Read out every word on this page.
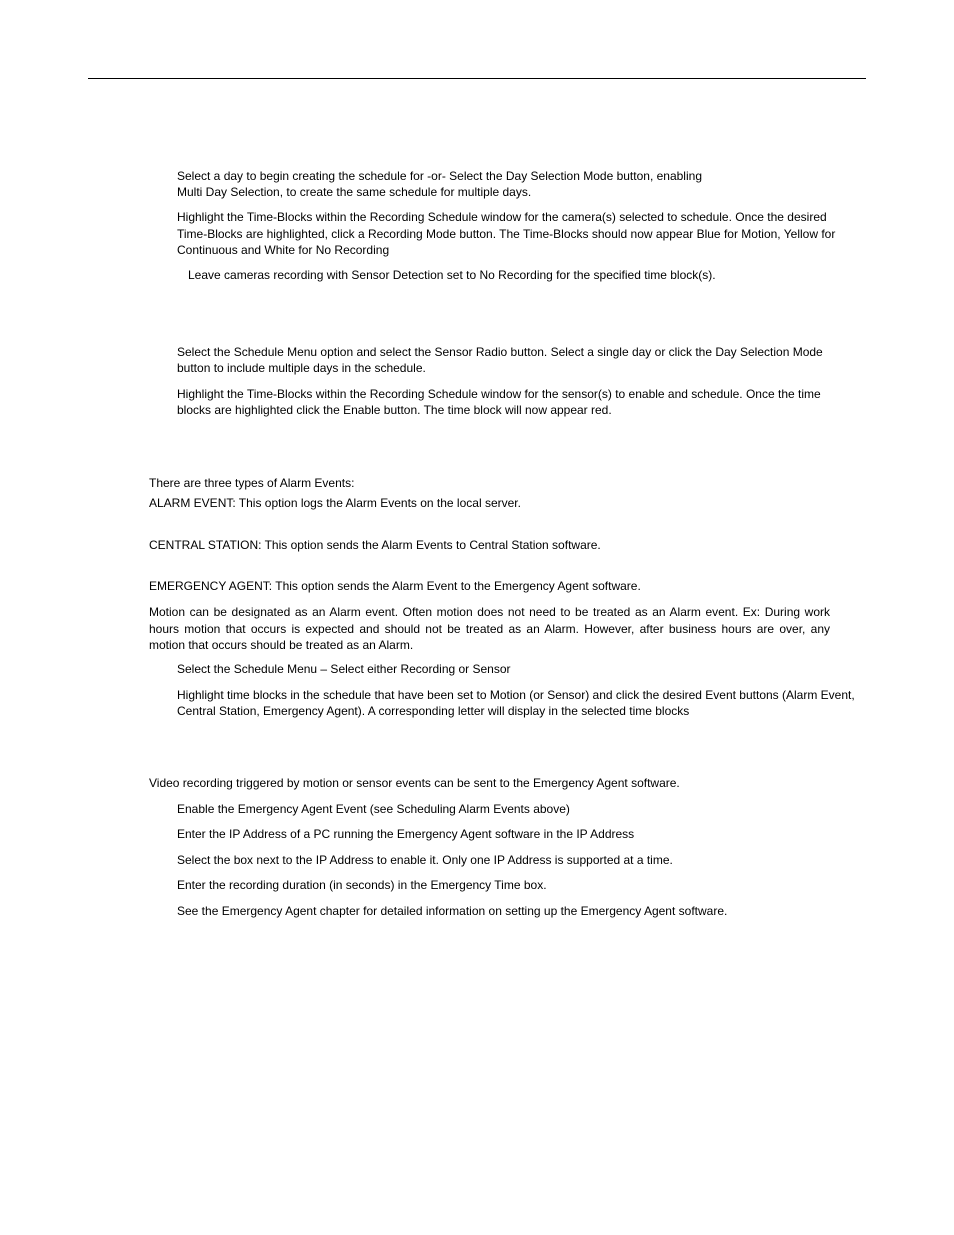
Select a day to begin creating the schedule for -or- Select the Day Selection Mode button, enabling

Multi Day Selection, to create the same schedule for multiple days.

Highlight the Time-Blocks within the Recording Schedule window for the camera(s) selected to schedule. Once the desired

Time-Blocks are highlighted, click a Recording Mode button. The Time-Blocks should now appear Blue for Motion, Yellow for

Continuous and White for No Recording

Leave cameras recording with Sensor Detection set to No Recording for the specified time block(s).

Select the Schedule Menu option and select the Sensor Radio button. Select a single day or click the Day Selection Mode

button to include multiple days in the schedule.

Highlight the Time-Blocks within the Recording Schedule window for the sensor(s) to enable and schedule. Once the time

blocks are highlighted click the Enable button. The time block will now appear red.

There are three types of Alarm Events:

ALARM EVENT: This option logs the Alarm Events on the local server.

CENTRAL STATION: This option sends the Alarm Events to Central Station software.

EMERGENCY AGENT: This option sends the Alarm Event to the Emergency Agent software.

Motion can be designated as an Alarm event. Often motion does not need to be treated as an Alarm event. Ex: During work hours motion that occurs is expected and should not be treated as an Alarm. However, after business hours are over, any motion that occurs should be treated as an Alarm.

Select the Schedule Menu – Select either Recording or Sensor

Highlight time blocks in the schedule that have been set to Motion (or Sensor) and click the desired Event buttons (Alarm Event,

Central Station, Emergency Agent). A corresponding letter will display in the selected time blocks

Video recording triggered by motion or sensor events can be sent to the Emergency Agent software.

Enable the Emergency Agent Event (see Scheduling Alarm Events above)

Enter the IP Address of a PC running the Emergency Agent software in the IP Address

Select the box next to the IP Address to enable it. Only one IP Address is supported at a time.

Enter the recording duration (in seconds) in the Emergency Time box.

See the Emergency Agent chapter for detailed information on setting up the Emergency Agent software.
